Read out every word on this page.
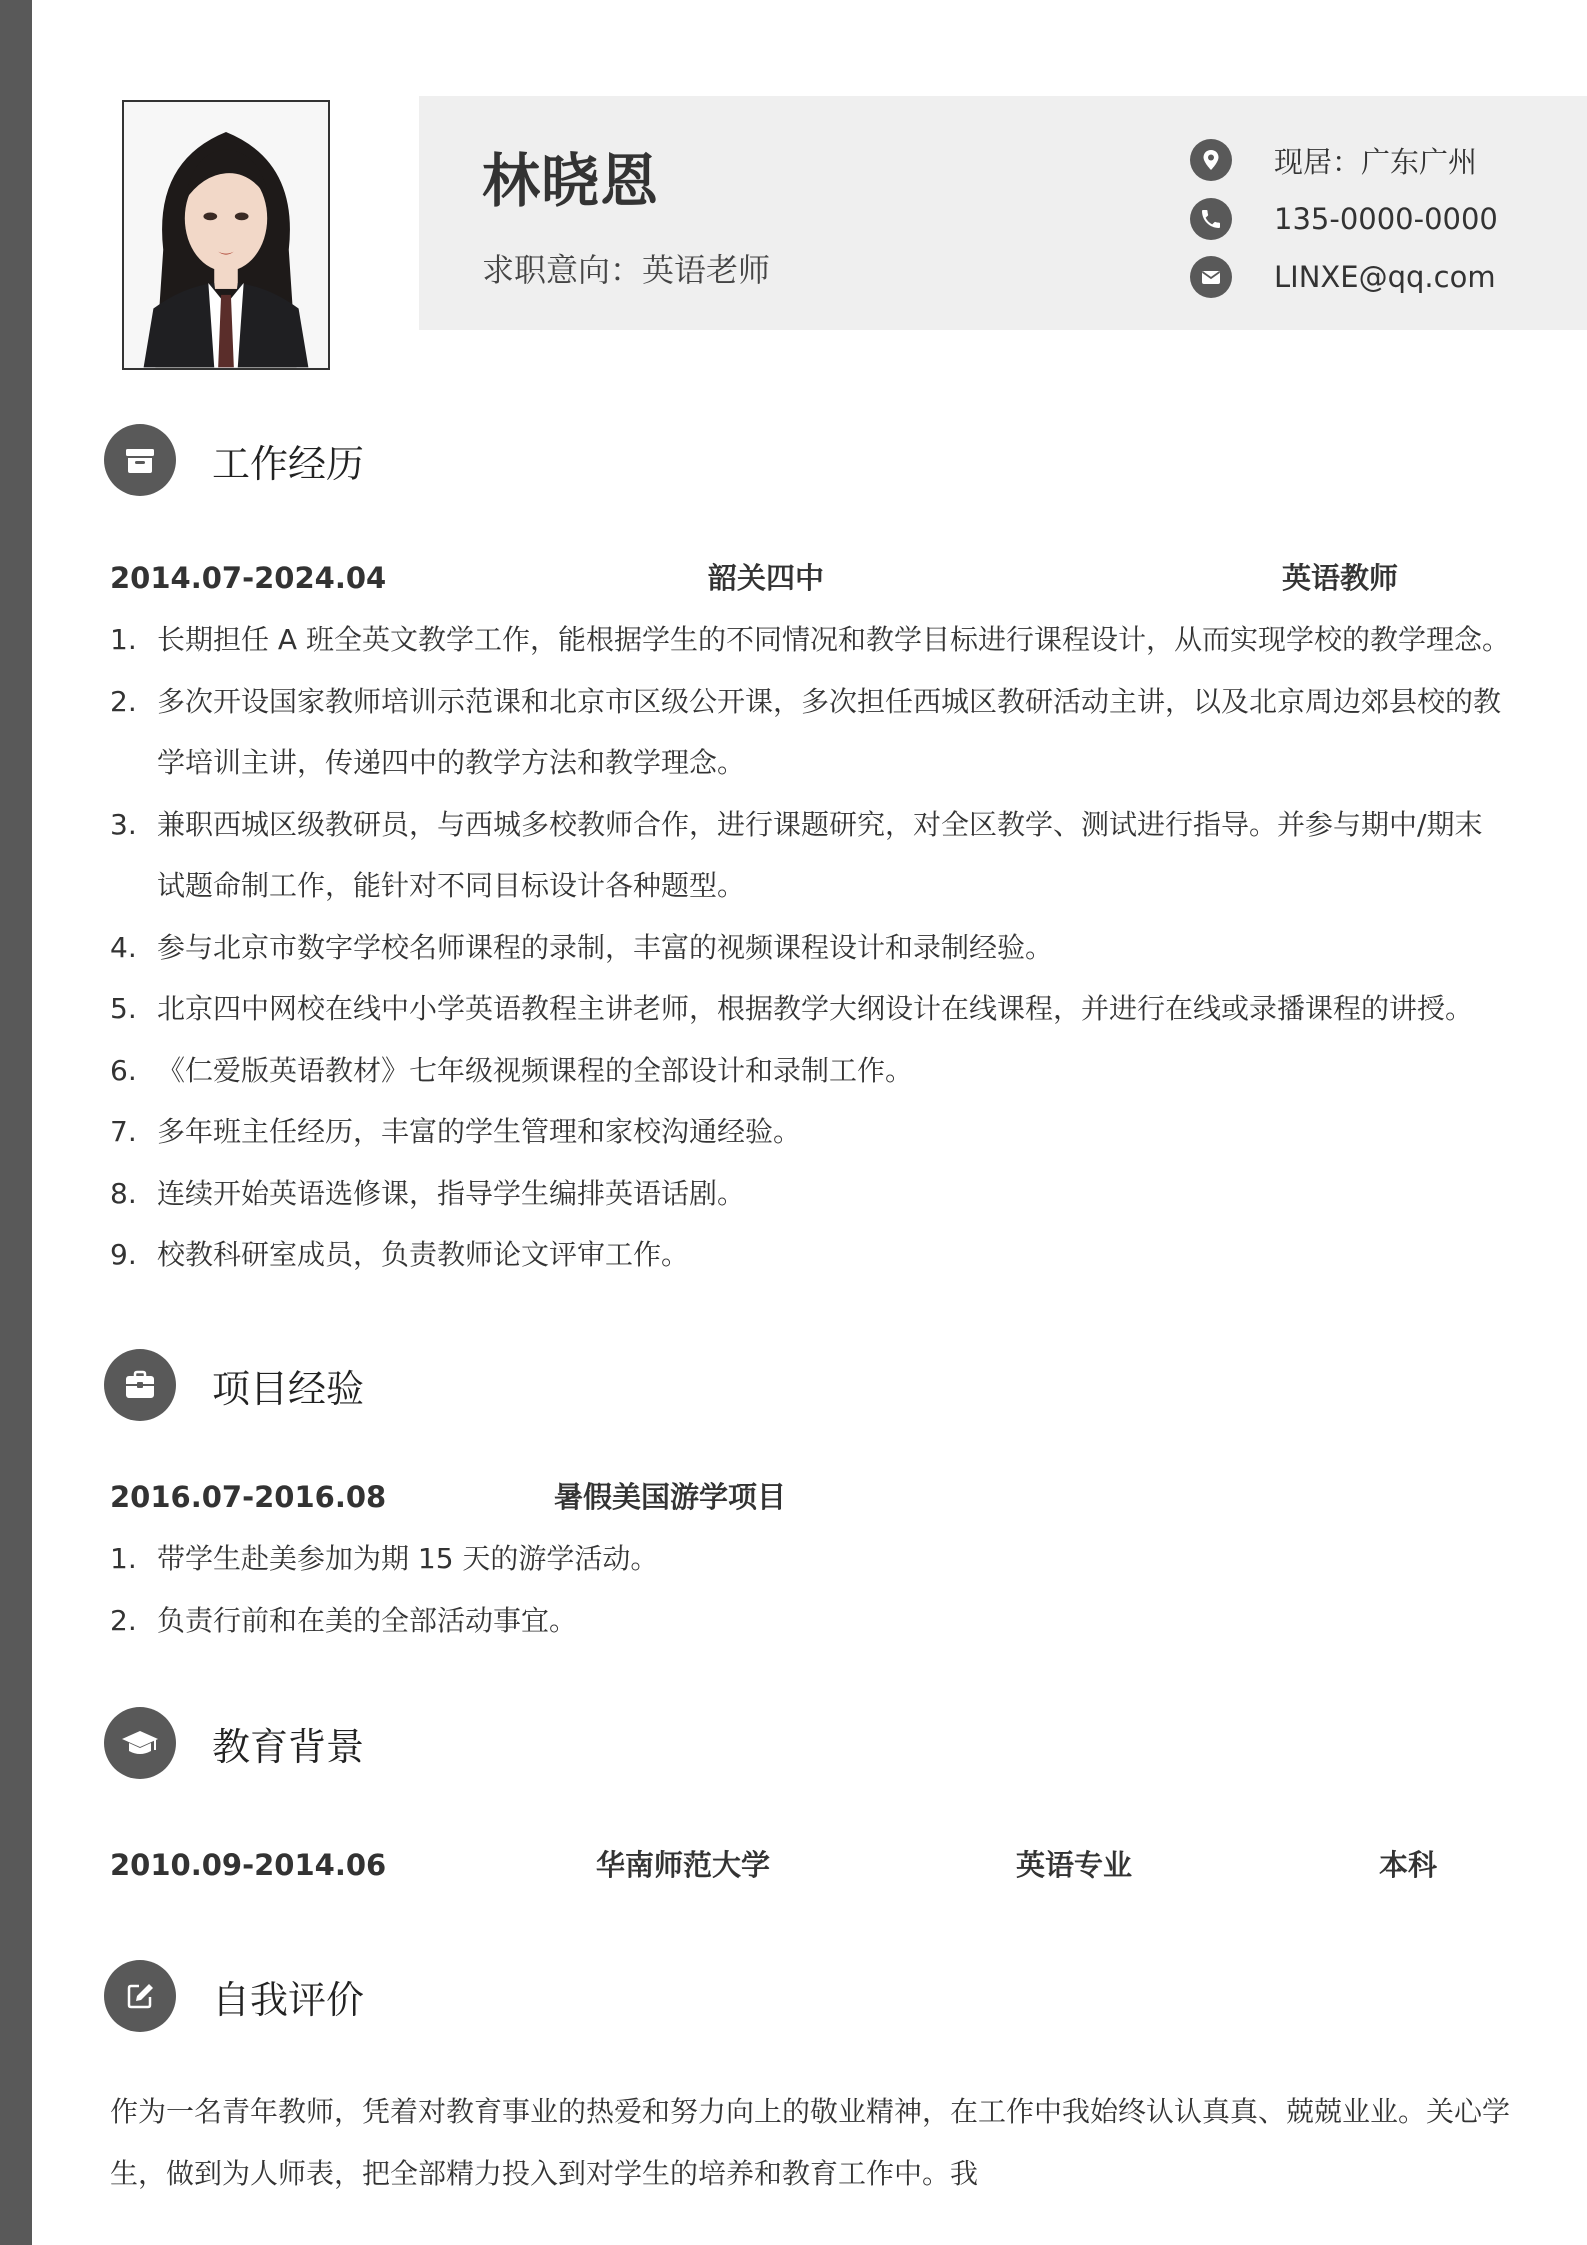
林晓恩
求职意向：英语老师
现居：广东广州
135-0000-0000
LINXE@qq.com
工作经历
2014.07-2024.04	韶关四中	英语教师
1. 长期担任 A 班全英文教学工作，能根据学生的不同情况和教学目标进行课程设计，从而实现学校的教学理念。
2. 多次开设国家教师培训示范课和北京市区级公开课，多次担任西城区教研活动主讲，以及北京周边郊县校的教学培训主讲，传递四中的教学方法和教学理念。
3. 兼职西城区级教研员，与西城多校教师合作，进行课题研究，对全区教学、测试进行指导。并参与期中/期末试题命制工作，能针对不同目标设计各种题型。
4. 参与北京市数字学校名师课程的录制，丰富的视频课程设计和录制经验。
5. 北京四中网校在线中小学英语教程主讲老师，根据教学大纲设计在线课程，并进行在线或录播课程的讲授。
6. 《仁爱版英语教材》七年级视频课程的全部设计和录制工作。
7. 多年班主任经历，丰富的学生管理和家校沟通经验。
8. 连续开始英语选修课，指导学生编排英语话剧。
9. 校教科研室成员，负责教师论文评审工作。
项目经验
2016.07-2016.08	暑假美国游学项目
1. 带学生赴美参加为期 15 天的游学活动。
2. 负责行前和在美的全部活动事宜。
教育背景
2010.09-2014.06	华南师范大学	英语专业	本科
自我评价

作为一名青年教师，凭着对教育事业的热爱和努力向上的敬业精神，在工作中我始终认认真真、兢兢业业。关心学生，做到为人师表，把全部精力投入到对学生的培养和教育工作中。我
